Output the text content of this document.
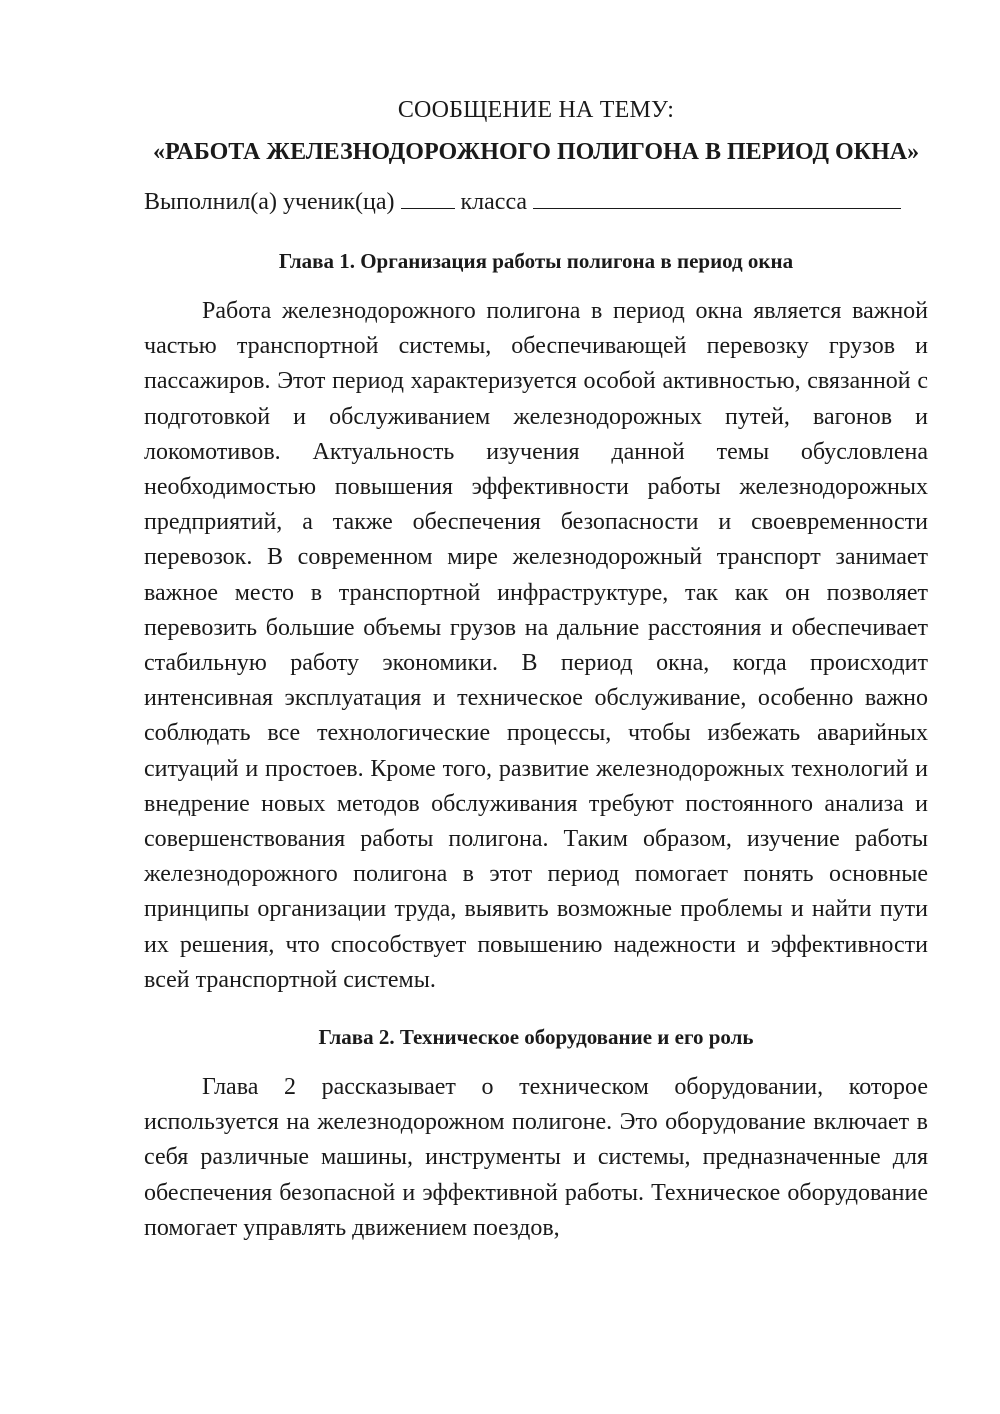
СООБЩЕНИЕ НА ТЕМУ:
«РАБОТА ЖЕЛЕЗНОДОРОЖНОГО ПОЛИГОНА В ПЕРИОД ОКНА»
Выполнил(а) ученик(ца)	класса
Глава 1. Организация работы полигона в период окна

Работа железнодорожного полигона в период окна является важной частью транспортной системы, обеспечивающей перевозку грузов и пассажиров. Этот период характеризуется особой активностью, связанной с подготовкой и обслуживанием железнодорожных путей, вагонов и локомотивов. Актуальность изучения данной темы обусловлена необходимостью повышения эффективности работы железнодорожных предприятий, а также обеспечения безопасности и своевременности перевозок. В современном мире железнодорожный транспорт занимает важное место в транспортной инфраструктуре, так как он позволяет перевозить большие объемы грузов на дальние расстояния и обеспечивает стабильную работу экономики. В период окна, когда происходит интенсивная эксплуатация и техническое обслуживание, особенно важно соблюдать все технологические процессы, чтобы избежать аварийных ситуаций и простоев. Кроме того, развитие железнодорожных технологий и внедрение новых методов обслуживания требуют постоянного анализа и совершенствования работы полигона. Таким образом, изучение работы железнодорожного полигона в этот период помогает понять основные принципы организации труда, выявить возможные проблемы и найти пути их решения, что способствует повышению надежности и эффективности всей транспортной системы.

Глава 2. Техническое оборудование и его роль

Глава 2 рассказывает о техническом оборудовании, которое используется на железнодорожном полигоне. Это оборудование включает в себя различные машины, инструменты и системы, предназначенные для обеспечения безопасной и эффективной работы. Техническое оборудование помогает управлять движением поездов,
